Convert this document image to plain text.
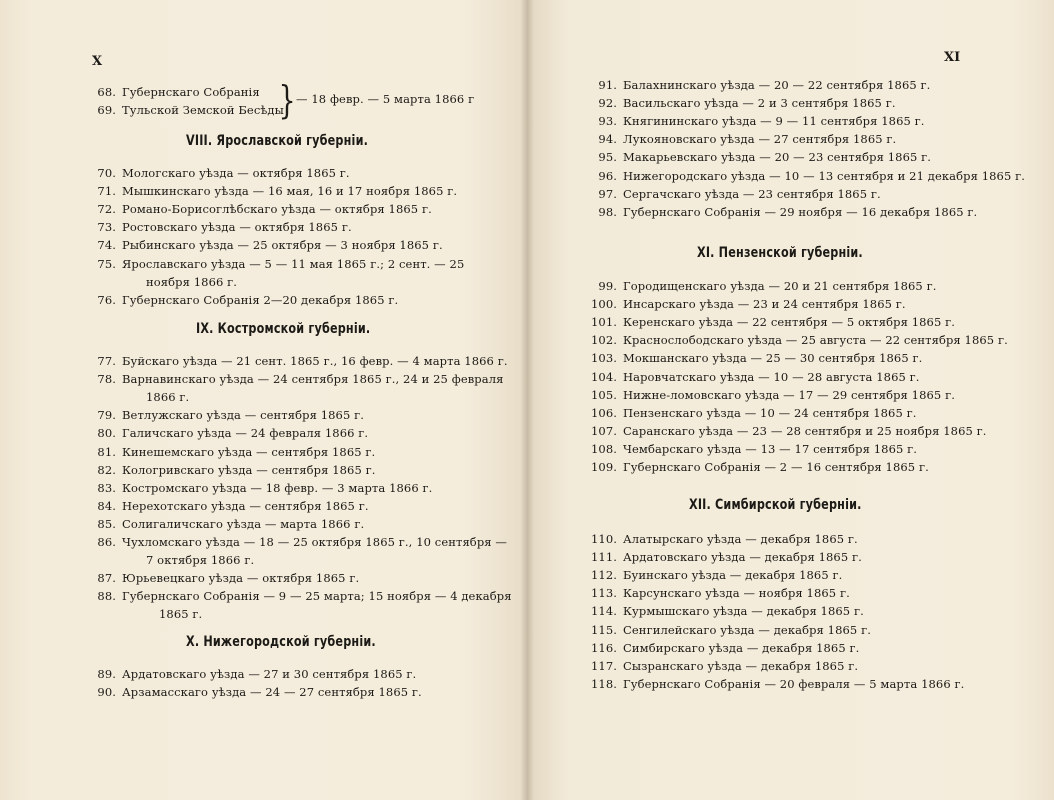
X	XI
68. Губернскаго Собранія
69. Тульской Земской Бесѣды
} — 18 февр. — 5 марта 1866 г
VIII. Ярославской губерніи.
70. Мологскаго уѣзда — октября 1865 г.
71. Мышкинскаго уѣзда — 16 мая, 16 и 17 ноября 1865 г.
72. Романо-Борисоглѣбскаго уѣзда — октября 1865 г.
73. Ростовскаго уѣзда — октября 1865 г.
74. Рыбинскаго уѣзда — 25 октября — 3 ноября 1865 г.
75. Ярославскаго уѣзда — 5 — 11 мая 1865 г.; 2 сент. — 25
ноября 1866 г.
76. Губернскаго Собранія 2—20 декабря 1865 г.
IX. Костромской губерніи.
77. Буйскаго уѣзда — 21 сент. 1865 г., 16 февр. — 4 марта 1866 г.
78. Варнавинскаго уѣзда — 24 сентября 1865 г., 24 и 25 февраля
1866 г.
79. Ветлужскаго уѣзда — сентября 1865 г.
80. Галичскаго уѣзда — 24 февраля 1866 г.
81. Кинешемскаго уѣзда — сентября 1865 г.
82. Кологривскаго уѣзда — сентября 1865 г.
83. Костромскаго уѣзда — 18 февр. — 3 марта 1866 г.
84. Нерехотскаго уѣзда — сентября 1865 г.
85. Солигаличскаго уѣзда — марта 1866 г.
86. Чухломскаго уѣзда — 18 — 25 октября 1865 г., 10 сентября —
7 октября 1866 г.
87. Юрьевецкаго уѣзда — октября 1865 г.
88. Губернскаго Собранія — 9 — 25 марта; 15 ноября — 4 декабря
1865 г.
X. Нижегородской губерніи.
89. Ардатовскаго уѣзда — 27 и 30 сентября 1865 г.
90. Арзамасскаго уѣзда — 24 — 27 сентября 1865 г.
91. Балахнинскаго уѣзда — 20 — 22 сентября 1865 г.
92. Васильскаго уѣзда — 2 и 3 сентября 1865 г.
93. Княгининскаго уѣзда — 9 — 11 сентября 1865 г.
94. Лукояновскаго уѣзда — 27 сентября 1865 г.
95. Макарьевскаго уѣзда — 20 — 23 сентября 1865 г.
96. Нижегородскаго уѣзда — 10 — 13 сентября и 21 декабря 1865 г.
97. Сергачскаго уѣзда — 23 сентября 1865 г.
98. Губернскаго Собранія — 29 ноября — 16 декабря 1865 г.
XI. Пензенской губерніи.
99. Городищенскаго уѣзда — 20 и 21 сентября 1865 г.
100. Инсарскаго уѣзда — 23 и 24 сентября 1865 г.
101. Керенскаго уѣзда — 22 сентября — 5 октября 1865 г.
102. Краснослободскаго уѣзда — 25 августа — 22 сентября 1865 г.
103. Мокшанскаго уѣзда — 25 — 30 сентября 1865 г.
104. Наровчатскаго уѣзда — 10 — 28 августа 1865 г.
105. Нижне-ломовскаго уѣзда — 17 — 29 сентября 1865 г.
106. Пензенскаго уѣзда — 10 — 24 сентября 1865 г.
107. Саранскаго уѣзда — 23 — 28 сентября и 25 ноября 1865 г.
108. Чембарскаго уѣзда — 13 — 17 сентября 1865 г.
109. Губернскаго Собранія — 2 — 16 сентября 1865 г.
XII. Симбирской губерніи.
110. Алатырскаго уѣзда — декабря 1865 г.
111. Ардатовскаго уѣзда — декабря 1865 г.
112. Буинскаго уѣзда — декабря 1865 г.
113. Карсунскаго уѣзда — ноября 1865 г.
114. Курмышскаго уѣзда — декабря 1865 г.
115. Сенгилейскаго уѣзда — декабря 1865 г.
116. Симбирскаго уѣзда — декабря 1865 г.
117. Сызранскаго уѣзда — декабря 1865 г.
118. Губернскаго Собранія — 20 февраля — 5 марта 1866 г.
